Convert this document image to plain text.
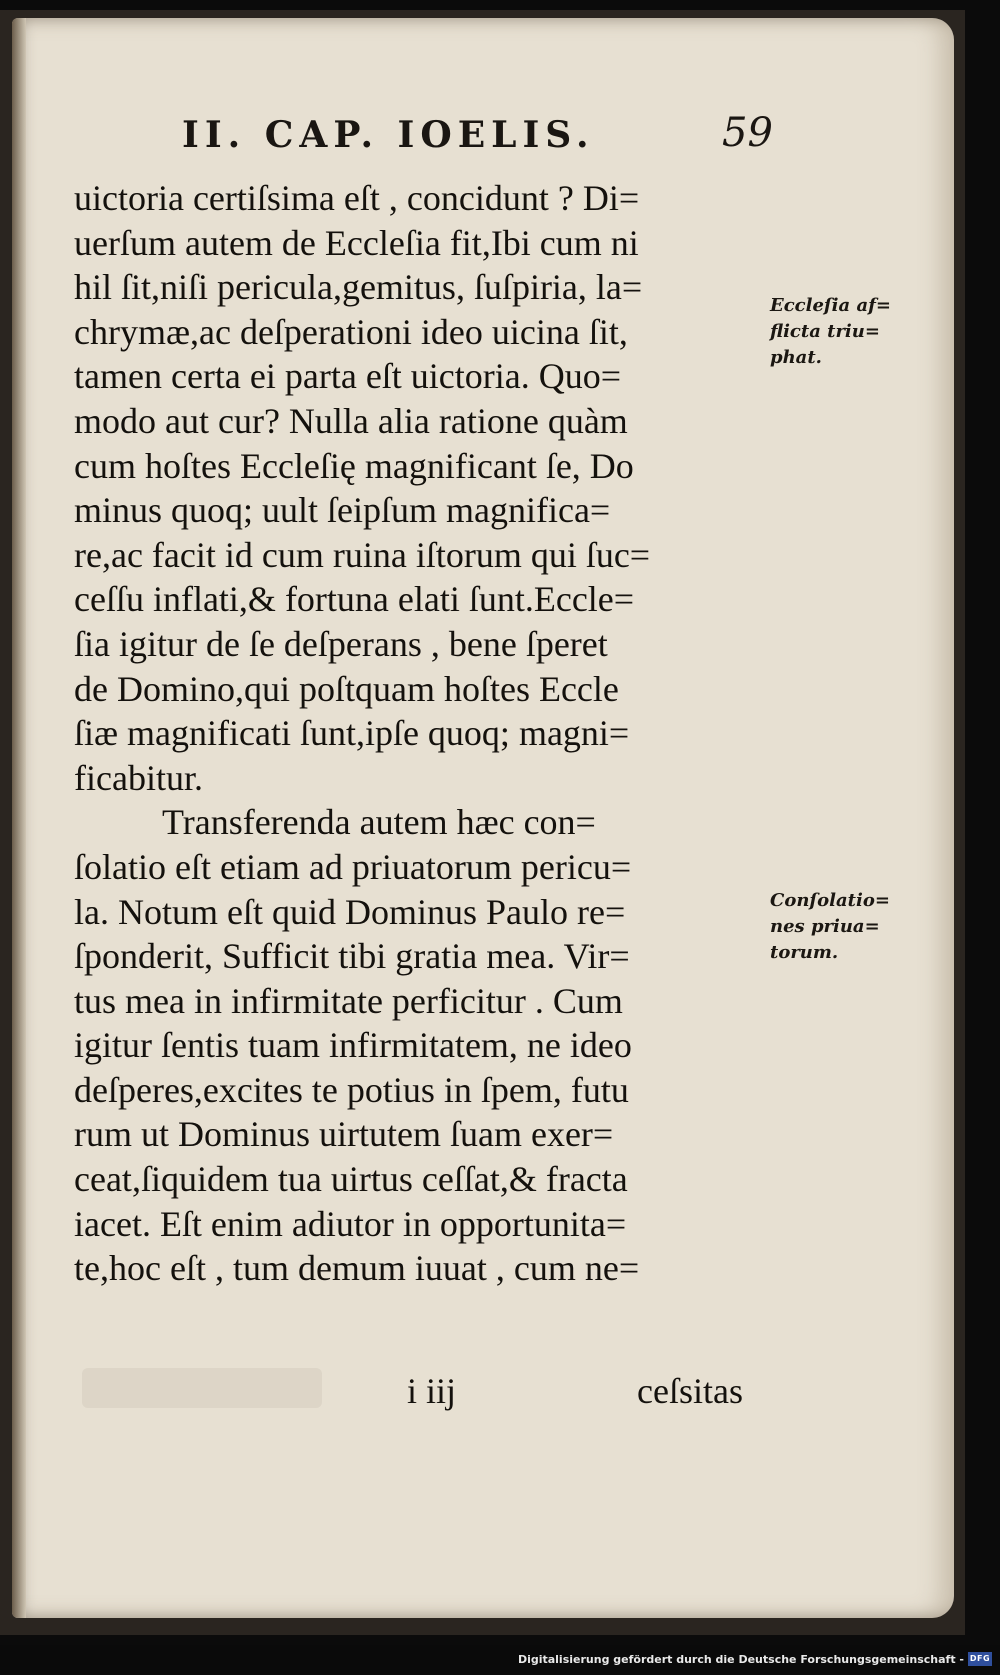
II. CAP. IOELIS.	59
uictoria certiſsima eſt , concidunt ? Di=
uerſum autem de Eccleſia fit,Ibi cum ni
hil ſit,niſi pericula,gemitus, ſuſpiria, la=
chrymæ,ac deſperationi ideo uicina ſit,
tamen certa ei parta eſt uictoria. Quo=
modo aut cur? Nulla alia ratione quàm
cum hoſtes Eccleſię magnificant ſe, Do
minus quoq; uult ſeipſum magnifica=
re,ac facit id cum ruina iſtorum qui ſuc=
ceſſu inflati,& fortuna elati ſunt.Eccle=
ſia igitur de ſe deſperans , bene ſperet
de Domino,qui poſtquam hoſtes Eccle
ſiæ magnificati ſunt,ipſe quoq; magni=
ficabitur.
Transferenda autem hæc con=
ſolatio eſt etiam ad priuatorum pericu=
la. Notum eſt quid Dominus Paulo re=
ſponderit, Sufficit tibi gratia mea. Vir=
tus mea in infirmitate perficitur . Cum
igitur ſentis tuam infirmitatem, ne ideo
deſperes,excites te potius in ſpem, futu
rum ut Dominus uirtutem ſuam exer=
ceat,ſiquidem tua uirtus ceſſat,& fracta
iacet. Eſt enim adiutor in opportunita=
te,hoc eſt , tum demum iuuat , cum ne=
i iij	ceſsitas
Eccleſia af=
flicta triu=
phat.
Conſolatio=
nes priua=
torum.
Digitalisierung gefördert durch die Deutsche Forschungsgemeinschaft - DFG
